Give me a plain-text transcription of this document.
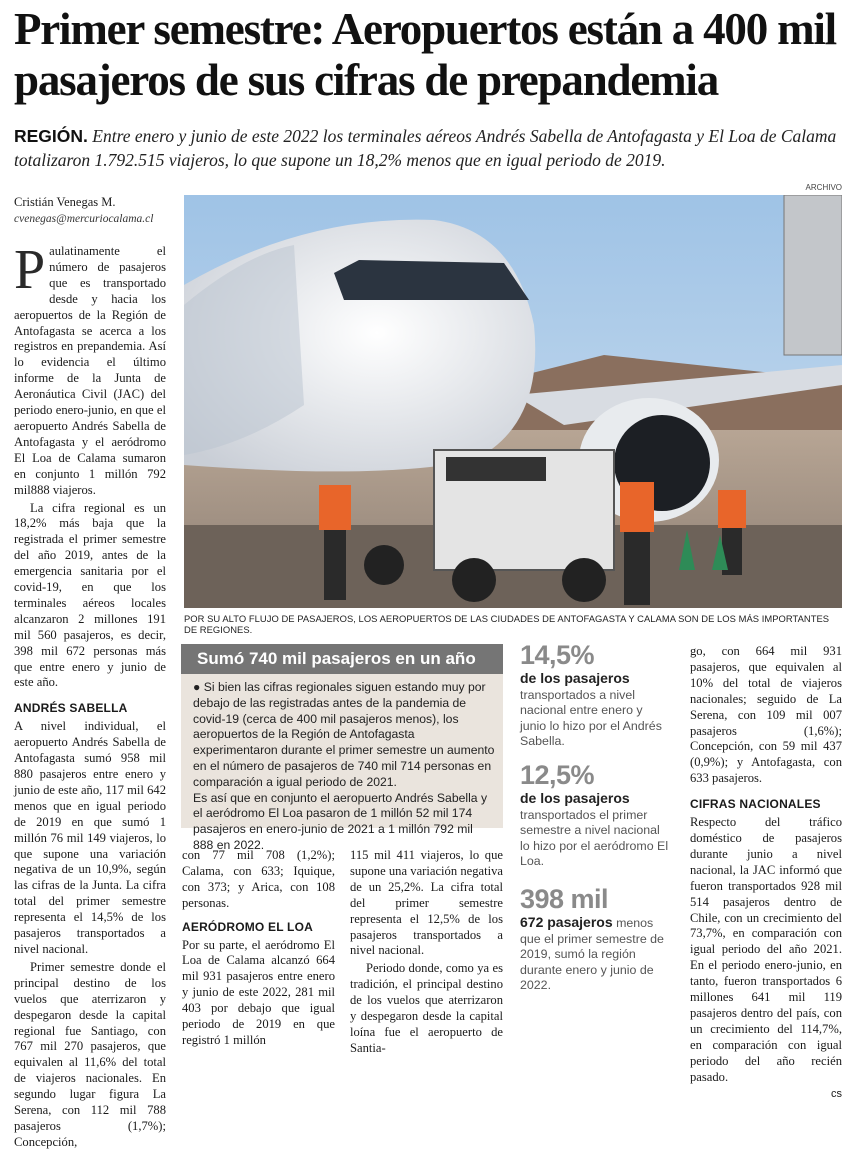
Primer semestre: Aeropuertos están a 400 mil pasajeros de sus cifras de prepandemia
REGIÓN. Entre enero y junio de este 2022 los terminales aéreos Andrés Sabella de Antofagasta y El Loa de Calama totalizaron 1.792.515 viajeros, lo que supone un 18,2% menos que en igual periodo de 2019.
Cristián Venegas M.
cvenegas@mercuriocalama.cl
ARCHIVO
POR SU ALTO FLUJO DE PASAJEROS, LOS AEROPUERTOS DE LAS CIUDADES DE ANTOFAGASTA Y CALAMA SON DE LOS MÁS IMPORTANTES DE REGIONES.

Paulatinamente el número de pasajeros que es transportado desde y hacia los aeropuertos de la Región de Antofagasta se acerca a los registros en prepandemia. Así lo evidencia el último informe de la Junta de Aeronáutica Civil (JAC) del periodo enero-junio, en que el aeropuerto Andrés Sabella de Antofagasta y el aeródromo El Loa de Calama sumaron en conjunto 1 millón 792 mil888 viajeros.

La cifra regional es un 18,2% más baja que la registrada el primer semestre del año 2019, antes de la emergencia sanitaria por el covid-19, en que los terminales aéreos locales alcanzaron 2 millones 191 mil 560 pasajeros, es decir, 398 mil 672 personas más que entre enero y junio de este año.

ANDRÉS SABELLA

A nivel individual, el aeropuerto Andrés Sabella de Antofagasta sumó 958 mil 880 pasajeros entre enero y junio de este año, 117 mil 642 menos que en igual periodo de 2019 en que sumó 1 millón 76 mil 149 viajeros, lo que supone una variación negativa de un 10,9%, según las cifras de la Junta. La cifra total del primer semestre representa el 14,5% de los pasajeros transportados a nivel nacional.

Primer semestre donde el principal destino de los vuelos que aterrizaron y despegaron desde la capital regional fue Santiago, con 767 mil 270 pasajeros, que equivalen al 11,6% del total de viajeros nacionales. En segundo lugar figura La Serena, con 112 mil 788 pasajeros (1,7%); Concepción,

Sumó 740 mil pasajeros en un año
● Si bien las cifras regionales siguen estando muy por debajo de las registradas antes de la pandemia de covid-19 (cerca de 400 mil pasajeros menos), los aeropuertos de la Región de Antofagasta experimentaron durante el primer semestre un aumento en el número de pasajeros de 740 mil 714 personas en comparación a igual periodo de 2021.
Es así que en conjunto el aeropuerto Andrés Sabella y el aeródromo El Loa pasaron de 1 millón 52 mil 174 pasajeros en enero-junio de 2021 a 1 millón 792 mil 888 en 2022.

con 77 mil 708 (1,2%); Calama, con 633; Iquique, con 373; y Arica, con 108 personas.

AERÓDROMO EL LOA

Por su parte, el aeródromo El Loa de Calama alcanzó 664 mil 931 pasajeros entre enero y junio de este 2022, 281 mil 403 por debajo que igual periodo de 2019 en que registró 1 millón

115 mil 411 viajeros, lo que supone una variación negativa de un 25,2%. La cifra total del primer semestre representa el 12,5% de los pasajeros transportados a nivel nacional.

Periodo donde, como ya es tradición, el principal destino de los vuelos que aterrizaron y despegaron desde la capital loína fue el aeropuerto de Santia-

14,5%
de los pasajeros transportados a nivel nacional entre enero y junio lo hizo por el Andrés Sabella.
12,5%
de los pasajeros transportados el primer semestre a nivel nacional lo hizo por el aeródromo El Loa.
398 mil
672 pasajeros menos que el primer semestre de 2019, sumó la región durante enero y junio de 2022.

go, con 664 mil 931 pasajeros, que equivalen al 10% del total de viajeros nacionales; seguido de La Serena, con 109 mil 007 pasajeros (1,6%); Concepción, con 59 mil 437 (0,9%); y Antofagasta, con 633 pasajeros.

CIFRAS NACIONALES

Respecto del tráfico doméstico de pasajeros durante junio a nivel nacional, la JAC informó que fueron transportados 928 mil 514 pasajeros dentro de Chile, con un crecimiento del 73,7%, en comparación con igual periodo del año 2021. En el periodo enero-junio, en tanto, fueron transportados 6 millones 641 mil 119 pasajeros dentro del país, con un crecimiento del 114,7%, en comparación con igual periodo del año recién pasado.

cs
